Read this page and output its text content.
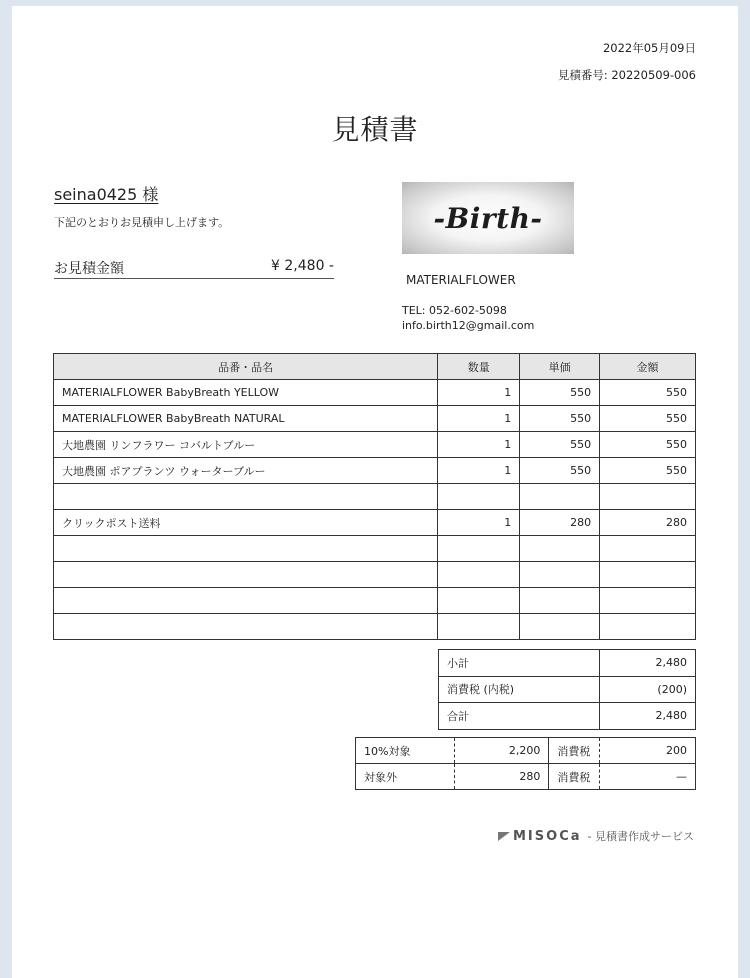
2022年05月09日
見積番号: 20220509-006
見積書
seina0425 様
下記のとおりお見積申し上げます。
お見積金額	¥ 2,480 -
-Birth-
MATERIALFLOWER
TEL: 052-602-5098
info.birth12@gmail.com
品番・品名	数量	単価	金額
MATERIALFLOWER BabyBreath YELLOW	1	550	550
MATERIALFLOWER BabyBreath NATURAL	1	550	550
大地農園 リンフラワー コバルトブルー	1	550	550
大地農園 ポアプランツ ウォーターブルー	1	550	550

クリックポスト送料	1	280	280

小計	2,480
消費税 (内税)	(200)
合計	2,480
10%対象	2,200	消費税	200
対象外	280	消費税	—
MISOCa - 見積書作成サービス
